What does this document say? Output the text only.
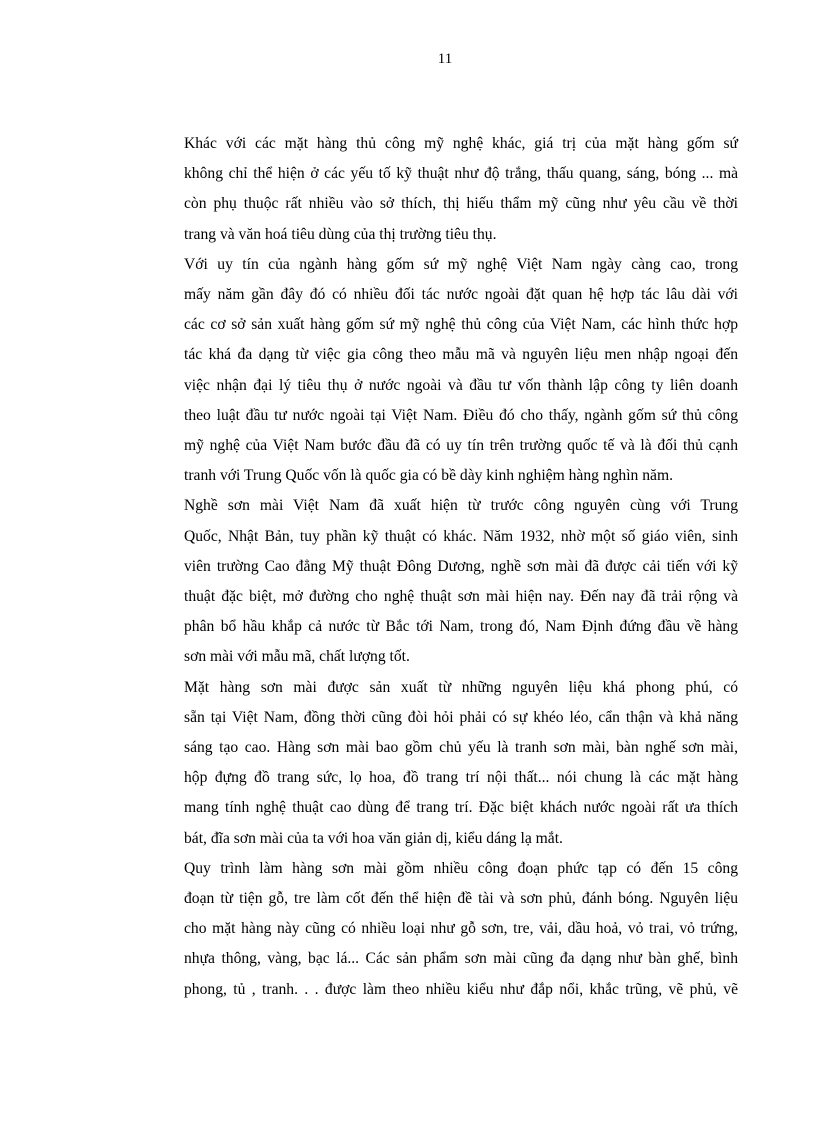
11

Khác với các mặt hàng thủ công mỹ nghệ khác, giá trị của mặt hàng gốm sứ
không chỉ thể hiện ở các yếu tố kỹ thuật như độ trắng, thấu quang, sáng, bóng ... mà
còn phụ thuộc rất nhiều vào sở thích, thị hiếu thẩm mỹ cũng như yêu cầu về thời
trang và văn hoá tiêu dùng của thị trường tiêu thụ.

Với uy tín của ngành hàng gốm sứ mỹ nghệ Việt Nam ngày càng cao, trong
mấy năm gần đây đó có nhiều đối tác nước ngoài đặt quan hệ hợp tác lâu dài với
các cơ sở sản xuất hàng gốm sứ mỹ nghệ thủ công của Việt Nam, các hình thức hợp
tác khá đa dạng từ việc gia công theo mẫu mã và nguyên liệu men nhập ngoại đến
việc nhận đại lý tiêu thụ ở nước ngoài và đầu tư vốn thành lập công ty liên doanh
theo luật đầu tư nước ngoài tại Việt Nam. Điều đó cho thấy, ngành gốm sứ thủ công
mỹ nghệ của Việt Nam bước đầu đã có uy tín trên trường quốc tế và là đối thủ cạnh
tranh với Trung Quốc vốn là quốc gia có bề dày kinh nghiệm hàng nghìn năm.

Nghề sơn mài Việt Nam đã xuất hiện từ trước công nguyên cùng với Trung
Quốc, Nhật Bản, tuy phần kỹ thuật có khác. Năm 1932, nhờ một số giáo viên, sinh
viên trường Cao đẳng Mỹ thuật Đông Dương, nghề sơn mài đã được cải tiến với kỹ
thuật đặc biệt, mở đường cho nghệ thuật sơn mài hiện nay. Đến nay đã trải rộng và
phân bổ hầu khắp cả nước từ Bắc tới Nam, trong đó, Nam Định đứng đầu về hàng
sơn mài với mẫu mã, chất lượng tốt.

Mặt hàng sơn mài được sản xuất từ những nguyên liệu khá phong phú, có
sẵn tại Việt Nam, đồng thời cũng đòi hỏi phải có sự khéo léo, cẩn thận và khả năng
sáng tạo cao. Hàng sơn mài bao gồm chủ yếu là tranh sơn mài, bàn nghế sơn mài,
hộp đựng đồ trang sức, lọ hoa, đồ trang trí nội thất... nói chung là các mặt hàng
mang tính nghệ thuật cao dùng để trang trí. Đặc biệt khách nước ngoài rất ưa thích
bát, đĩa sơn mài của ta với hoa văn giản dị, kiểu dáng lạ mắt.

Quy trình làm hàng sơn mài gồm nhiều công đoạn phức tạp có đến 15 công
đoạn từ tiện gỗ, tre làm cốt đến thể hiện đề tài và sơn phủ, đánh bóng. Nguyên liệu
cho mặt hàng này cũng có nhiều loại như gỗ sơn, tre, vải, dầu hoả, vỏ trai, vỏ trứng,
nhựa thông, vàng, bạc lá... Các sản phẩm sơn mài cũng đa dạng như bàn ghế, bình
phong, tủ , tranh. . . được làm theo nhiều kiểu như đắp nổi, khắc trũng, vẽ phủ, vẽ
